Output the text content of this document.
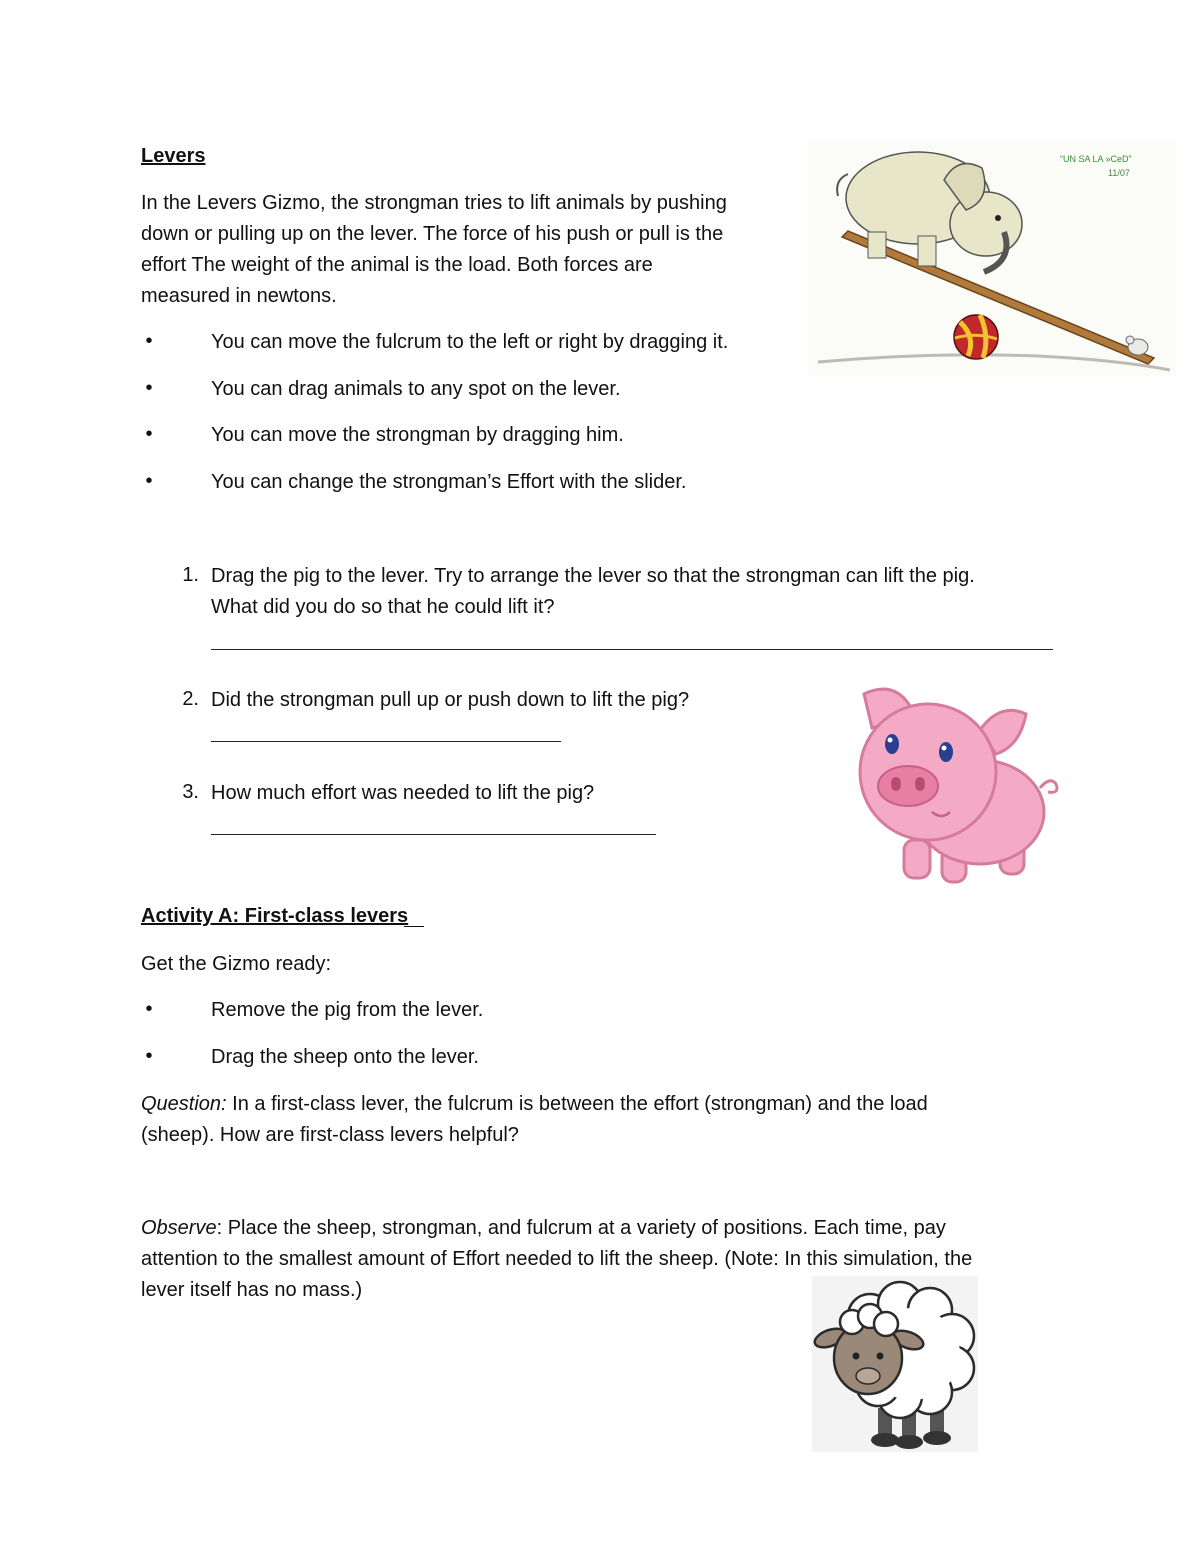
Levers
In the Levers Gizmo, the strongman tries to lift animals by pushing
down or pulling up on the lever. The force of his push or pull is the
effort The weight of the animal is the load. Both forces are
measured in newtons.
•	You can move the fulcrum to the left or right by dragging it.
•	You can drag animals to any spot on the lever.
•	You can move the strongman by dragging him.
•	You can change the strongman’s Effort with the slider.
“UN SA LA »CeD”
11/07
1. Drag the pig to the lever. Try to arrange the lever so that the strongman can lift the pig.
What did you do so that he could lift it?
2. Did the strongman pull up or push down to lift the pig?
3. How much effort was needed to lift the pig?
Activity A: First-class levers
Get the Gizmo ready:
•	Remove the pig from the lever.
•	Drag the sheep onto the lever.
Question: In a first-class lever, the fulcrum is between the effort (strongman) and the load
(sheep). How are first-class levers helpful?
Observe: Place the sheep, strongman, and fulcrum at a variety of positions. Each time, pay
attention to the smallest amount of Effort needed to lift the sheep. (Note: In this simulation, the
lever itself has no mass.)
